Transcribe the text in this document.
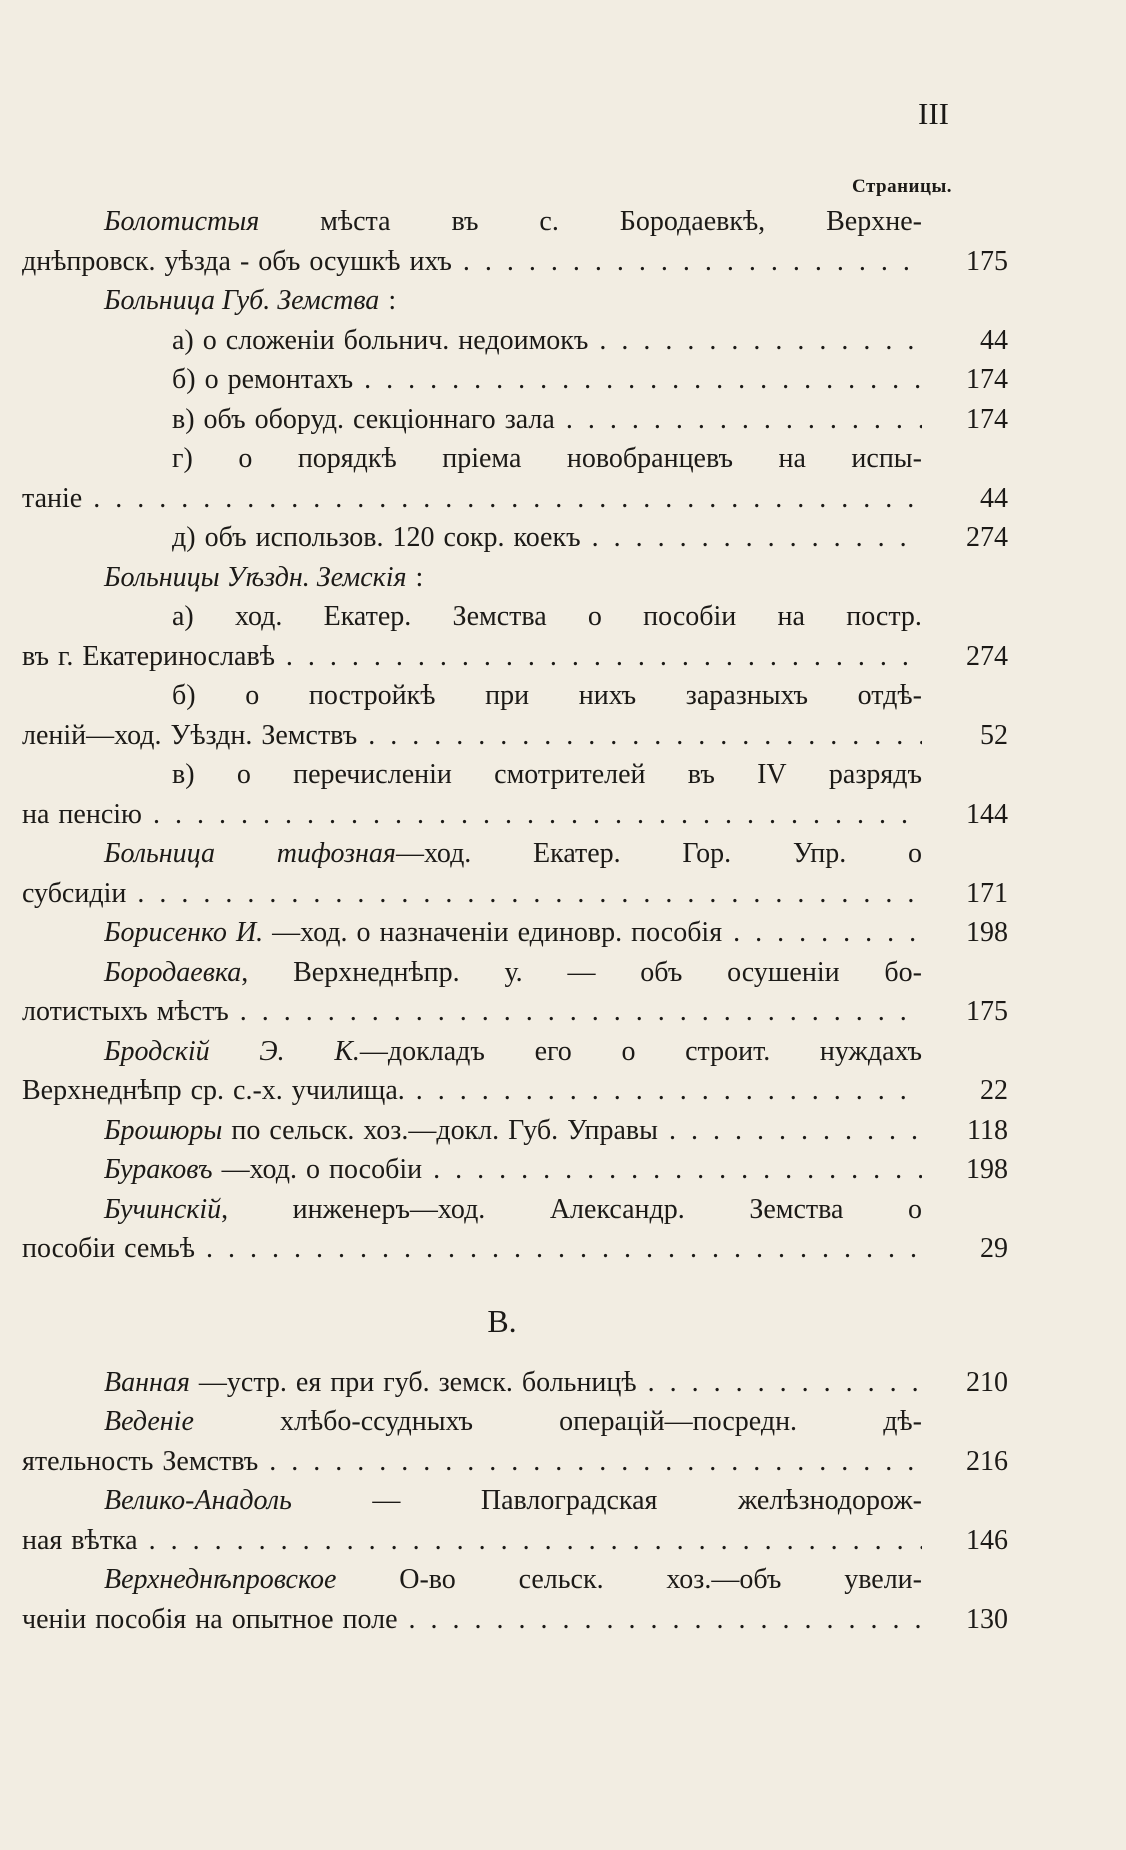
III
Страницы.
Болотистыя мѣста въ с. Бородаевкѣ, Верхне-
днѣпровск. уѣзда - объ осушкѣ ихъ
. . .	175
Больница Губ. Земства :
а) о сложеніи больнич. недоимокъ
. . .	44
б) о ремонтахъ
. . .	174
в) объ оборуд. секціоннаго зала
. . .	174
г) о порядкѣ пріема новобранцевъ на испы-
таніе
. . .	44
д) объ использов. 120 сокр. коекъ
. . .	274
Больницы Уѣздн. Земскія :
а) ход. Екатер. Земства о пособіи на постр.
въ г. Екатеринославѣ
. . .	274
б) о постройкѣ при нихъ заразныхъ отдѣ-
леній—ход. Уѣздн. Земствъ
. . .	52
в) о перечисленіи смотрителей въ IV разрядъ
на пенсію
. . .	144
Больница тифозная—ход. Екатер. Гор. Упр. о
субсидіи
. . .	171
Борисенко И. —ход. о назначеніи единовр. пособія
. . .	198
Бородаевка, Верхнеднѣпр. у. — объ осушеніи бо-
лотистыхъ мѣстъ
. . .	175
Бродскій Э. К.—докладъ его о строит. нуждахъ
Верхнеднѣпр ср. с.-х. училища.
. . .	22
Брошюры по сельск. хоз.—докл. Губ. Управы
. . .	118
Бураковъ —ход. о пособіи
. . .	198
Бучинскій, инженеръ—ход. Александр. Земства о
пособіи семьѣ
. . .	29
В.
Ванная —устр. ея при губ. земск. больницѣ
. . .	210
Веденіе	хлѣбо-ссудныхъ	операцій—посредн.	дѣ-
ятельность Земствъ
. . .	216
Велико-Анадоль	—	Павлоградская	желѣзнодорож-
ная вѣтка
. . .	146
Верхнеднѣпровское О-во сельск. хоз.—объ увели-
ченіи пособія на опытное поле
. . .	130
